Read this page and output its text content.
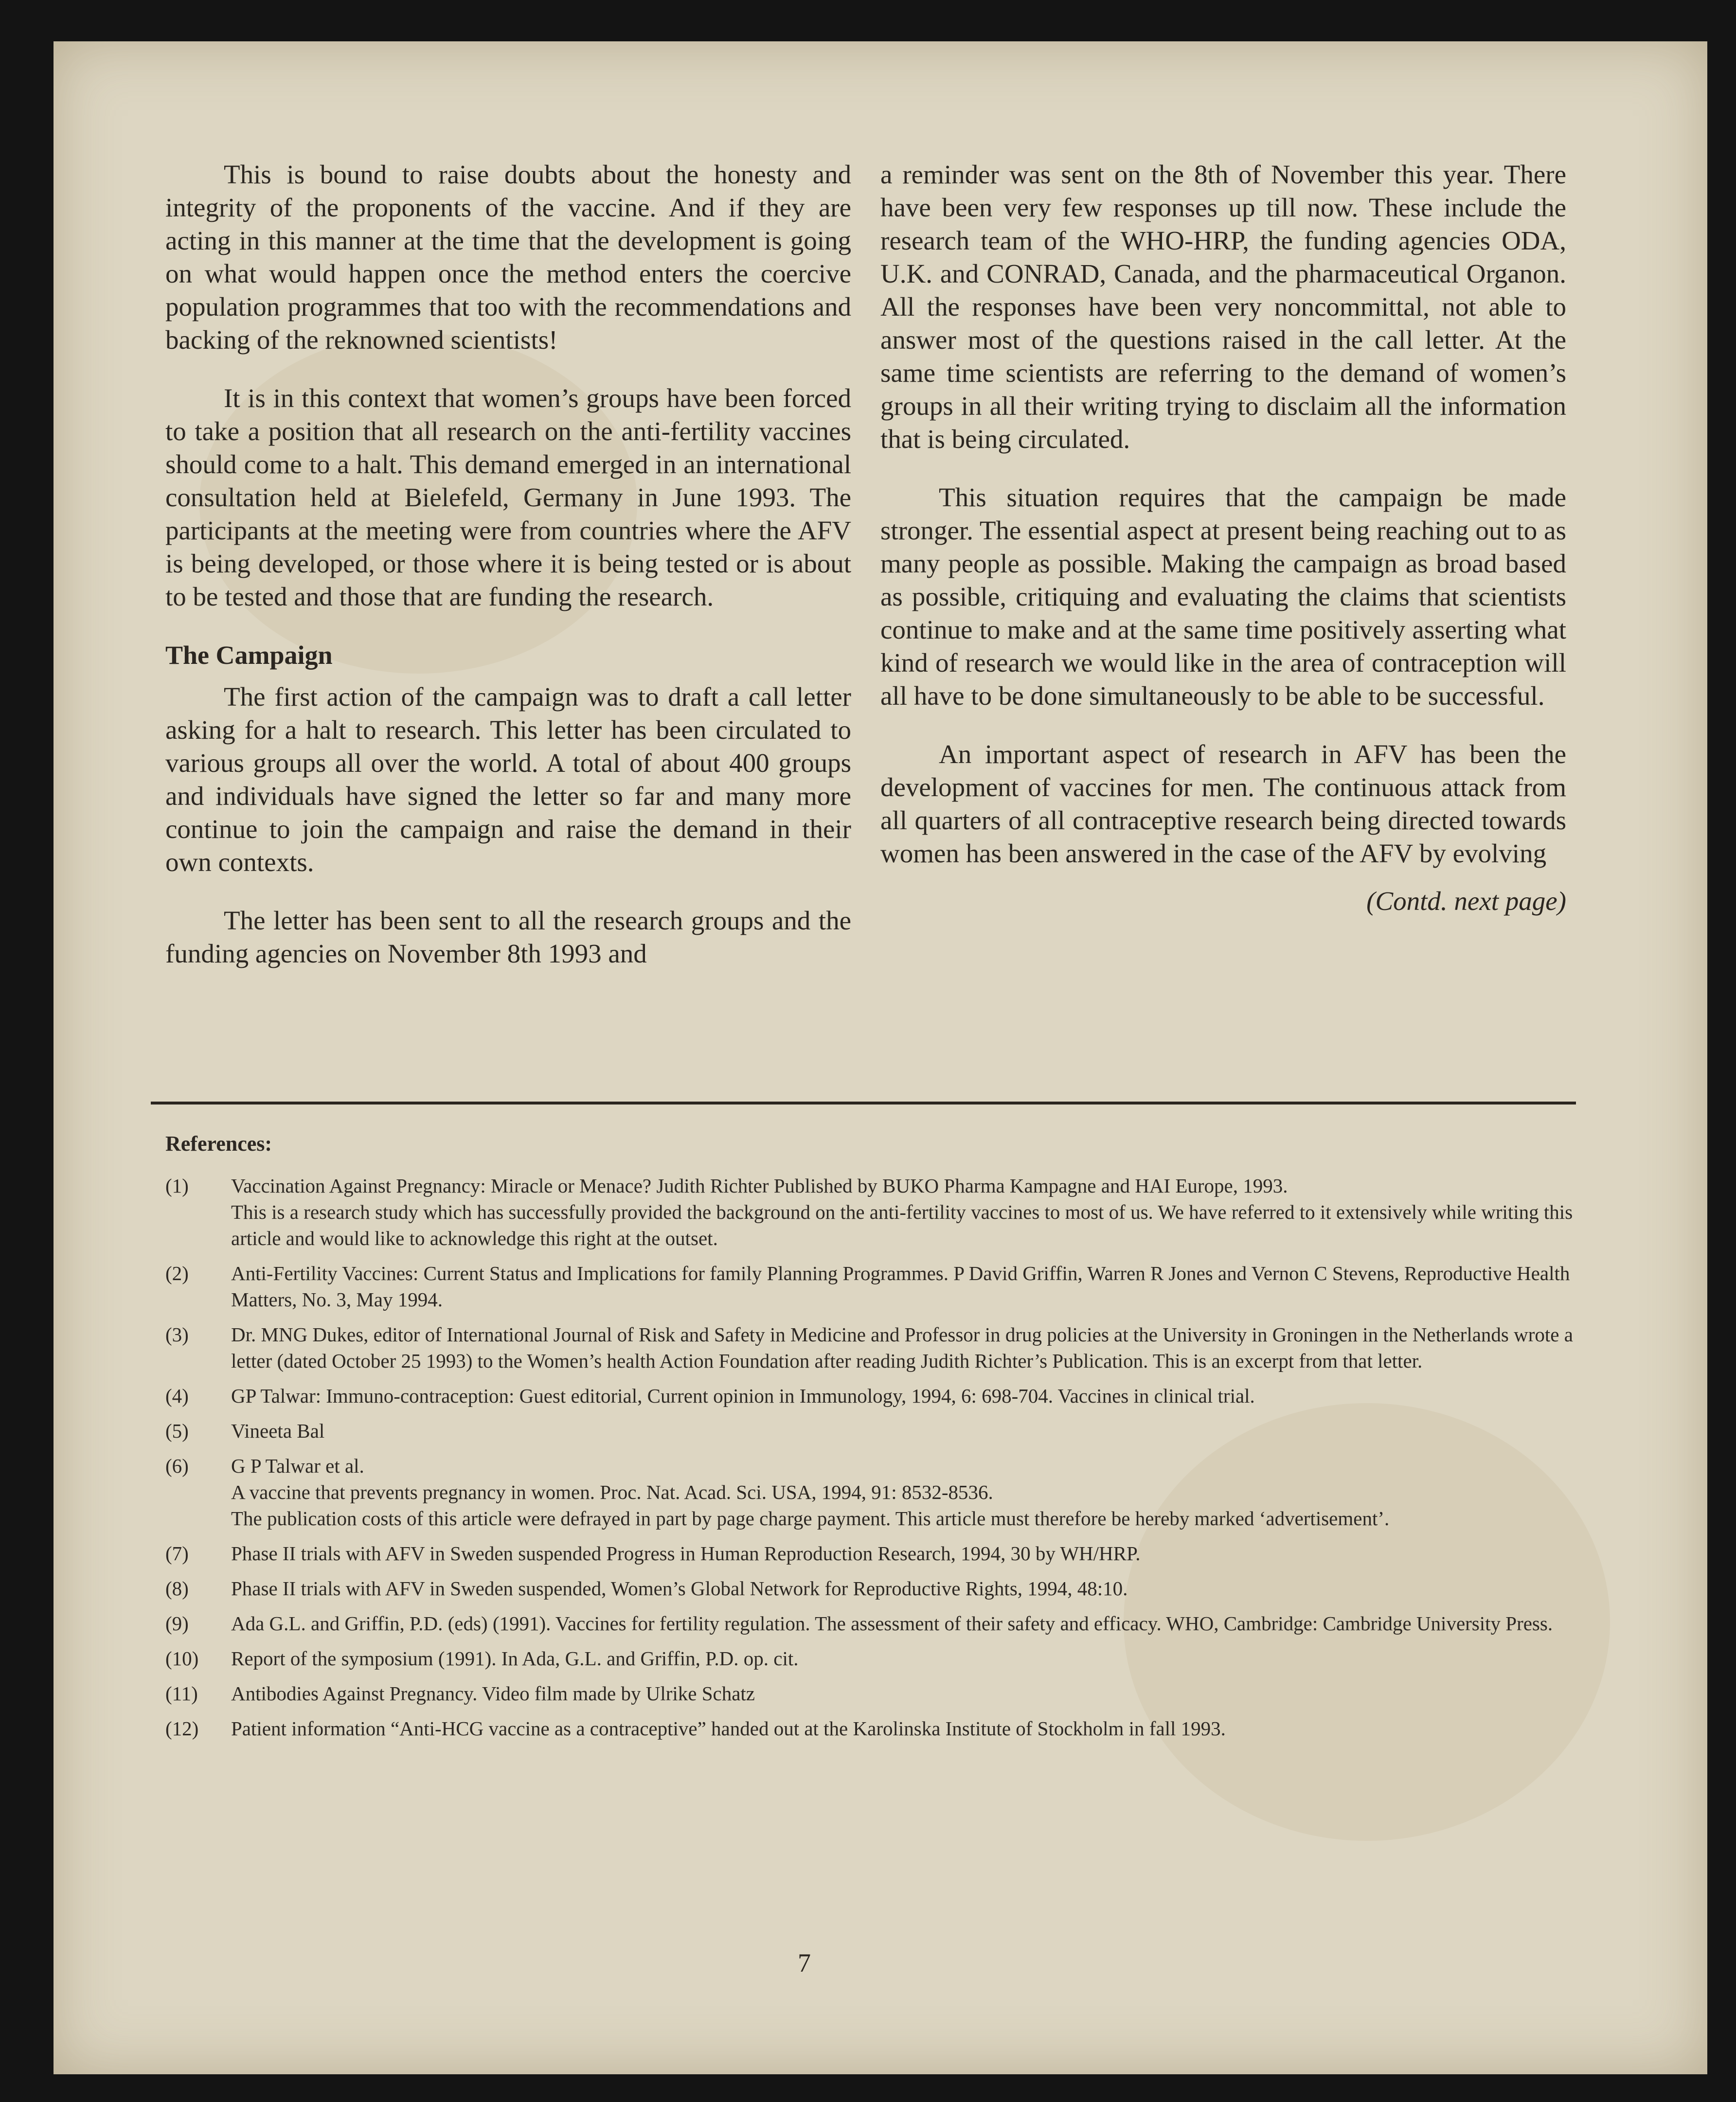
This is bound to raise doubts about the honesty and integrity of the proponents of the vaccine. And if they are acting in this manner at the time that the development is going on what would happen once the method enters the coercive population programmes that too with the recommendations and backing of the reknowned scientists!

It is in this context that women’s groups have been forced to take a position that all research on the anti-fertility vaccines should come to a halt. This demand emerged in an international consultation held at Bielefeld, Germany in June 1993. The participants at the meeting were from countries where the AFV is being developed, or those where it is being tested or is about to be tested and those that are funding the research.

The Campaign

The first action of the campaign was to draft a call letter asking for a halt to research. This letter has been circulated to various groups all over the world. A total of about 400 groups and individuals have signed the letter so far and many more continue to join the campaign and raise the demand in their own contexts.

The letter has been sent to all the research groups and the funding agencies on November 8th 1993 and

a reminder was sent on the 8th of November this year. There have been very few responses up till now. These include the research team of the WHO-HRP, the funding agencies ODA, U.K. and CONRAD, Canada, and the pharmaceutical Organon. All the responses have been very noncommittal, not able to answer most of the questions raised in the call letter. At the same time scientists are referring to the demand of women’s groups in all their writing trying to disclaim all the information that is being circulated.

This situation requires that the campaign be made stronger. The essential aspect at present being reaching out to as many people as possible. Making the campaign as broad based as possible, critiquing and evaluating the claims that scientists continue to make and at the same time positively asserting what kind of research we would like in the area of contraception will all have to be done simultaneously to be able to be successful.

An important aspect of research in AFV has been the development of vaccines for men. The continuous attack from all quarters of all contraceptive research being directed towards women has been answered in the case of the AFV by evolving

(Contd. next page)
References:
(1)	Vaccination Against Pregnancy: Miracle or Menace? Judith Richter Published by BUKO Pharma Kampagne and HAI Europe, 1993.
This is a research study which has successfully provided the background on the anti-fertility vaccines to most of us. We have referred to it extensively while writing this article and would like to acknowledge this right at the outset.
(2)	Anti-Fertility Vaccines: Current Status and Implications for family Planning Programmes. P David Griffin, Warren R Jones and Vernon C Stevens, Reproductive Health Matters, No. 3, May 1994.
(3)	Dr. MNG Dukes, editor of International Journal of Risk and Safety in Medicine and Professor in drug policies at the University in Groningen in the Netherlands wrote a letter (dated October 25 1993) to the Women’s health Action Foundation after reading Judith Richter’s Publication. This is an excerpt from that letter.
(4)	GP Talwar: Immuno-contraception: Guest editorial, Current opinion in Immunology, 1994, 6: 698-704. Vaccines in clinical trial.
(5)	Vineeta Bal
(6)	G P Talwar et al.
A vaccine that prevents pregnancy in women. Proc. Nat. Acad. Sci. USA, 1994, 91: 8532-8536.
The publication costs of this article were defrayed in part by page charge payment. This article must therefore be hereby marked ‘advertisement’.
(7)	Phase II trials with AFV in Sweden suspended Progress in Human Reproduction Research, 1994, 30 by WH/HRP.
(8)	Phase II trials with AFV in Sweden suspended, Women’s Global Network for Reproductive Rights, 1994, 48:10.
(9)	Ada G.L. and Griffin, P.D. (eds) (1991). Vaccines for fertility regulation. The assessment of their safety and efficacy. WHO, Cambridge: Cambridge University Press.
(10)	Report of the symposium (1991). In Ada, G.L. and Griffin, P.D. op. cit.
(11)	Antibodies Against Pregnancy. Video film made by Ulrike Schatz
(12)	Patient information “Anti-HCG vaccine as a contraceptive” handed out at the Karolinska Institute of Stockholm in fall 1993.
7
